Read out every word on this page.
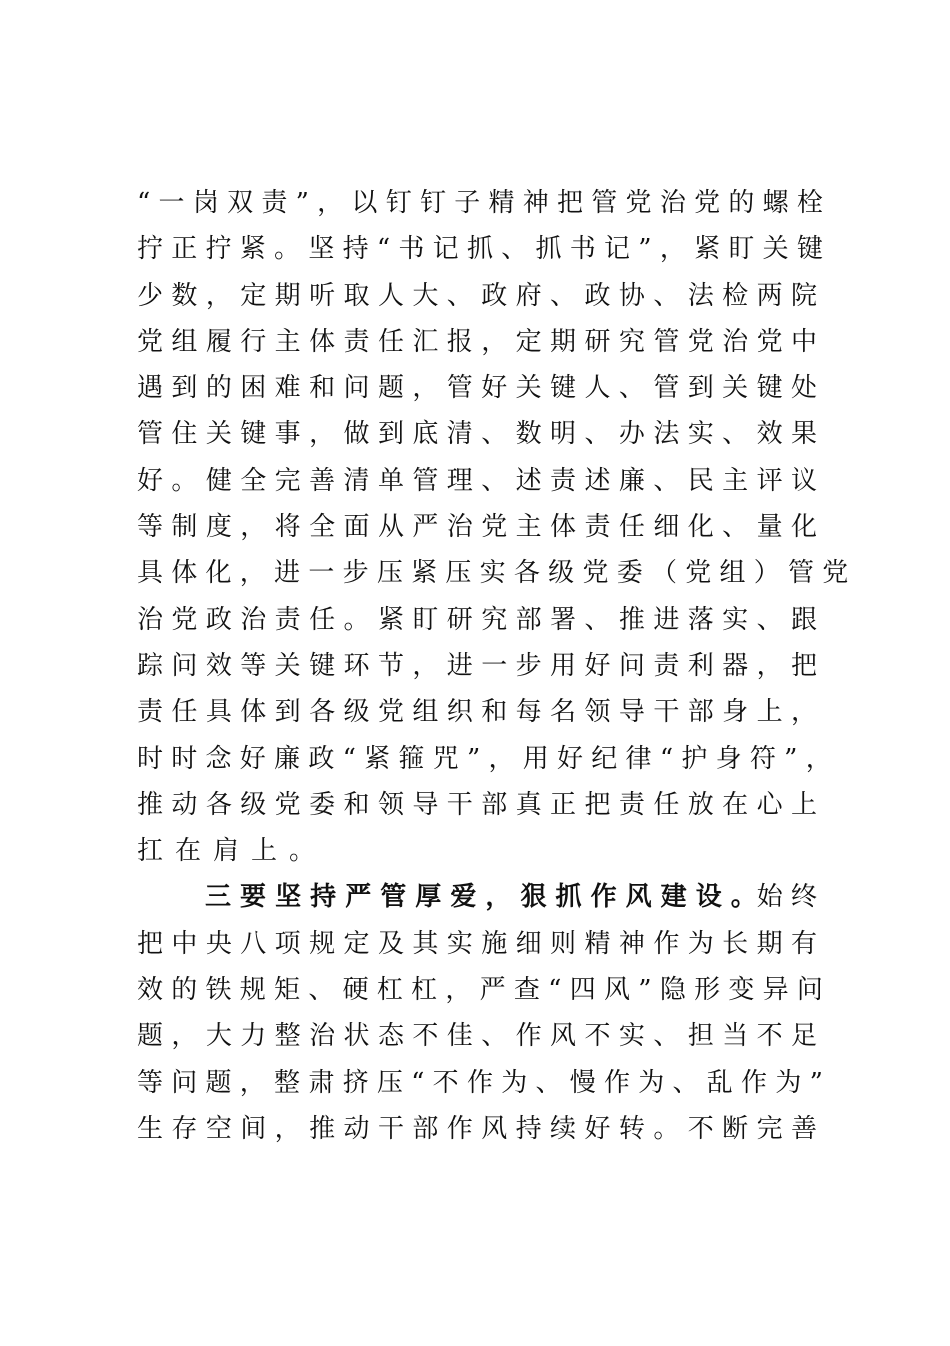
“​ 一​ 岗​ 双​ 责​ ”​ ，​ 以​ 钉​ 钉​ 子​ 精​ 神​ 把​ 管​ 党​ 治​ 党​ 的​ 螺​ 栓
拧​ 正​ 拧​ 紧​ 。​ 坚​ 持​ “​ 书​ 记​ 抓​ 、​ 抓​ 书​ 记​ ”​ ，​ 紧​ 盯​ 关​ 键
少​ 数​ ，​ 定​ 期​ 听​ 取​ 人​ 大​ 、​ 政​ 府​ 、​ 政​ 协​ 、​ 法​ 检​ 两​ 院
党​ 组​ 履​ 行​ 主​ 体​ 责​ 任​ 汇​ 报​ ，​ 定​ 期​ 研​ 究​ 管​ 党​ 治​ 党​ 中
遇​ 到​ 的​ 困​ 难​ 和​ 问​ 题​ ，​ 管​ 好​ 关​ 键​ 人​ 、​ 管​ 到​ 关​ 键​ 处
管​ 住​ 关​ 键​ 事​ ，​ 做​ 到​ 底​ 清​ 、​ 数​ 明​ 、​ 办​ 法​ 实​ 、​ 效​ 果
好​ 。​ 健​ 全​ 完​ 善​ 清​ 单​ 管​ 理​ 、​ 述​ 责​ 述​ 廉​ 、​ 民​ 主​ 评​ 议
等​ 制​ 度​ ，​ 将​ 全​ 面​ 从​ 严​ 治​ 党​ 主​ 体​ 责​ 任​ 细​ 化​ 、​ 量​ 化
具​ 体​ 化​ ，​ 进​ 一​ 步​ 压​ 紧​ 压​ 实​ 各​ 级​ 党​ 委​ （​ 党​ 组​ ）​ 管​ 党
治​ 党​ 政​ 治​ 责​ 任​ 。​ 紧​ 盯​ 研​ 究​ 部​ 署​ 、​ 推​ 进​ 落​ 实​ 、​ 跟
踪​ 问​ 效​ 等​ 关​ 键​ 环​ 节​ ，​ 进​ 一​ 步​ 用​ 好​ 问​ 责​ 利​ 器​ ，​ 把
责​ 任​ 具​ 体​ 到​ 各​ 级​ 党​ 组​ 织​ 和​ 每​ 名​ 领​ 导​ 干​ 部​ 身​ 上​ ，
时​ 时​ 念​ 好​ 廉​ 政​ “​ 紧​ 箍​ 咒​ ”​ ，​ 用​ 好​ 纪​ 律​ “​ 护​ 身​ 符​ ”​ ，
推​ 动​ 各​ 级​ 党​ 委​ 和​ 领​ 导​ 干​ 部​ 真​ 正​ 把​ 责​ 任​ 放​ 在​ 心​ 上
扛在肩上。
三​ 要​ 坚​ 持​ 严​ 管​ 厚​ 爱​ ，​ 狠​ 抓​ 作​ 风​ 建​ 设​ 。始​ 终
把​ 中​ 央​ 八​ 项​ 规​ 定​ 及​ 其​ 实​ 施​ 细​ 则​ 精​ 神​ 作​ 为​ 长​ 期​ 有
效​ 的​ 铁​ 规​ 矩​ 、​ 硬​ 杠​ 杠​ ，​ 严​ 查​ “​ 四​ 风​ ”​ 隐​ 形​ 变​ 异​ 问
题​ ，​ 大​ 力​ 整​ 治​ 状​ 态​ 不​ 佳​ 、​ 作​ 风​ 不​ 实​ 、​ 担​ 当​ 不​ 足
等​ 问​ 题​ ，​ 整​ 肃​ 挤​ 压​ “​ 不​ 作​ 为​ 、​ 慢​ 作​ 为​ 、​ 乱​ 作​ 为​ ”
生​ 存​ 空​ 间​ ，​ 推​ 动​ 干​ 部​ 作​ 风​ 持​ 续​ 好​ 转​ 。​ 不​ 断​ 完​ 善
